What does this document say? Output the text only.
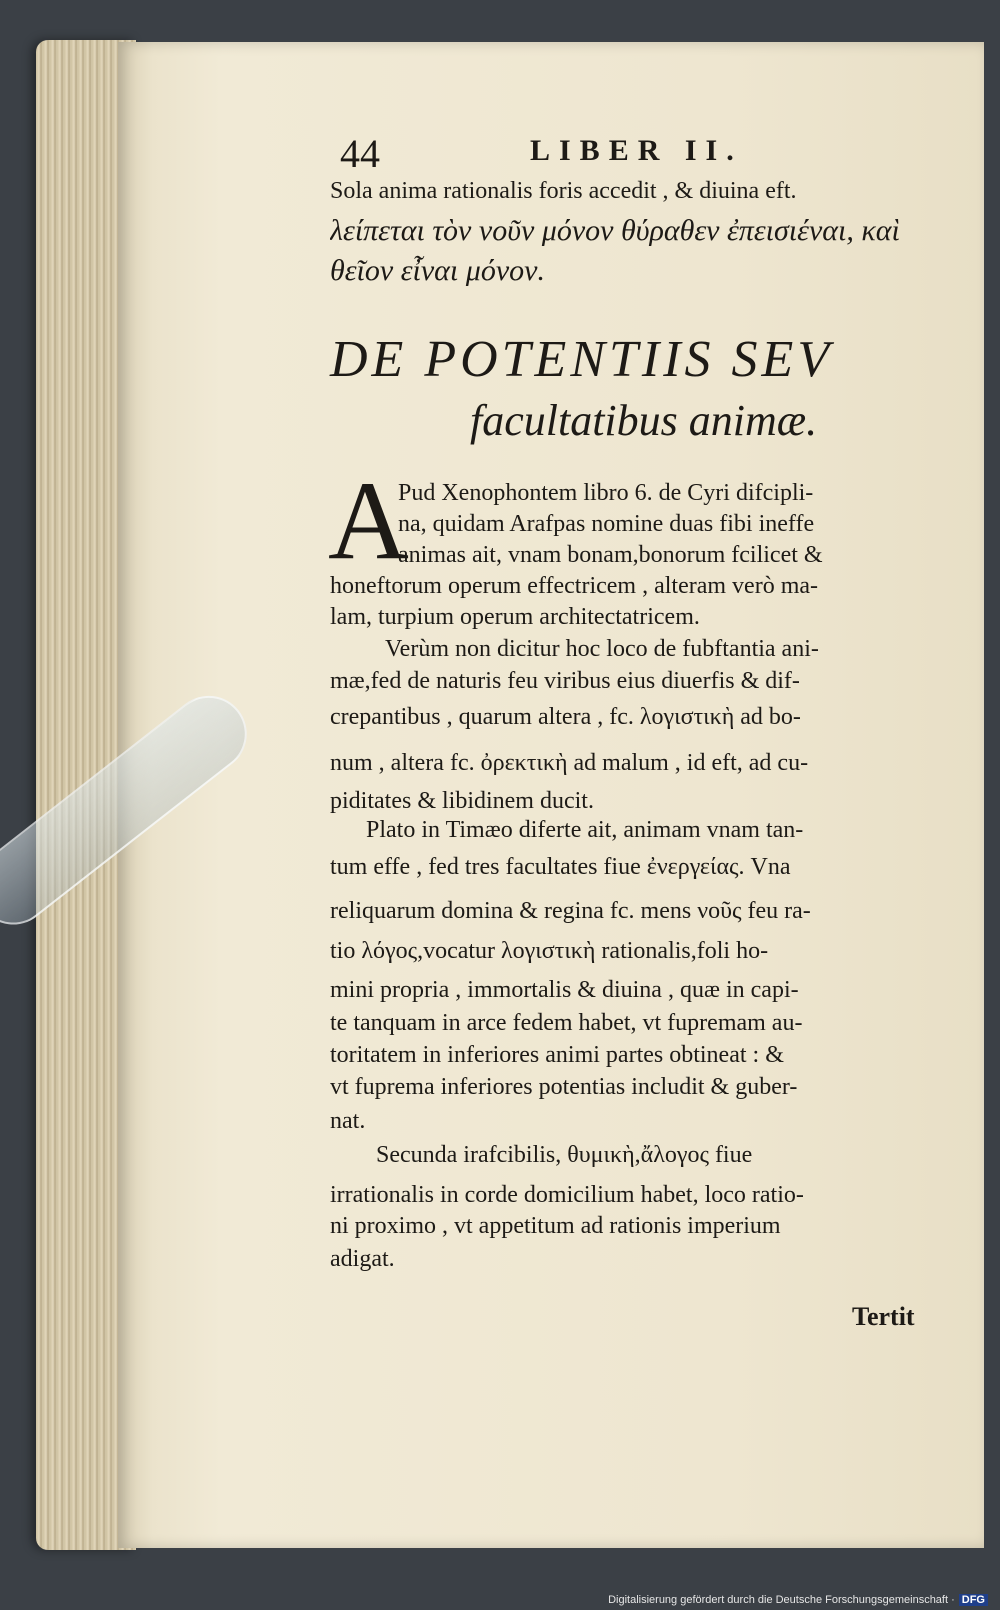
44	LIBER II.
Sola anima rationalis foris accedit , & diuina eft.
λείπεται τὸν νοῦν μόνον θύραθεν ἐπεισιέναι, καὶ
θεῖον εἶναι μόνον.
DE POTENTIIS SEV
facultatibus animæ.
A
Pud Xenophontem libro 6. de Cyri difcipli-
na, quidam Arafpas nomine duas fibi ineffe
animas ait, vnam bonam,bonorum fcilicet &
honeftorum operum effectricem , alteram verò ma-
lam, turpium operum architectatricem.
Verùm non dicitur hoc loco de fubftantia ani-
mæ,fed de naturis feu viribus eius diuerfis & dif-
crepantibus , quarum altera , fc. λογιστικὴ ad bo-
num , altera fc. ὀρεκτικὴ ad malum , id eft, ad cu-
piditates & libidinem ducit.
Plato in Timæo diferte ait, animam vnam tan-
tum effe , fed tres facultates fiue ἐνεργείας. Vna
reliquarum domina & regina fc. mens νοῦς feu ra-
tio λόγος,vocatur λογιστικὴ rationalis,foli ho-
mini propria , immortalis & diuina , quæ in capi-
te tanquam in arce fedem habet, vt fupremam au-
toritatem in inferiores animi partes obtineat : &
vt fuprema inferiores potentias includit & guber-
nat.
Secunda irafcibilis, θυμικὴ,ἄλογος fiue
irrationalis in corde domicilium habet, loco ratio-
ni proximo , vt appetitum ad rationis imperium
adigat.
Tertit
Digitalisierung gefördert durch die Deutsche Forschungsgemeinschaft · DFG
